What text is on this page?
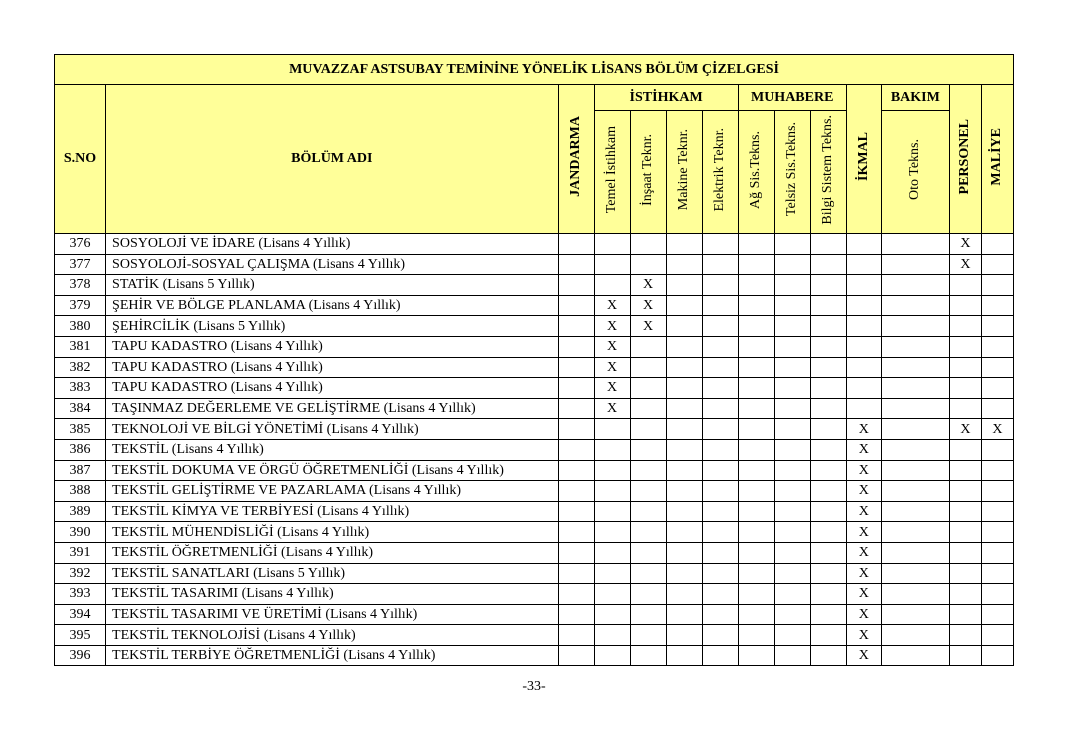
MUVAZZAF ASTSUBAY TEMİNİNE YÖNELİK LİSANS BÖLÜM ÇİZELGESİ													
S.NO	BÖLÜM ADI	JANDARMA	İSTİHKAM				MUHABERE			İKMAL	BAKIM	PERSONEL	MALİYE
			Temel İstihkam	İnşaat Teknr.	Makine Teknr.	Elektrik Teknr.	Ağ Sis.Tekns.	Telsiz Sis.Tekns.	Bilgi Sistem Tekns.		Oto Tekns.		
376	SOSYOLOJİ VE İDARE (Lisans 4 Yıllık)											X	
377	SOSYOLOJİ-SOSYAL ÇALIŞMA (Lisans 4 Yıllık)											X	
378	STATİK (Lisans 5 Yıllık)			X									
379	ŞEHİR VE BÖLGE PLANLAMA (Lisans 4 Yıllık)		X	X									
380	ŞEHİRCİLİK (Lisans 5 Yıllık)		X	X									
381	TAPU KADASTRO (Lisans 4 Yıllık)		X										
382	TAPU KADASTRO (Lisans 4 Yıllık)		X										
383	TAPU KADASTRO (Lisans 4 Yıllık)		X										
384	TAŞINMAZ DEĞERLEME VE GELİŞTİRME (Lisans 4 Yıllık)		X										
385	TEKNOLOJİ VE BİLGİ YÖNETİMİ (Lisans 4 Yıllık)									X		X	X
386	TEKSTİL (Lisans 4 Yıllık)									X			
387	TEKSTİL DOKUMA VE ÖRGÜ ÖĞRETMENLİĞİ (Lisans 4 Yıllık)									X			
388	TEKSTİL GELİŞTİRME VE PAZARLAMA (Lisans 4 Yıllık)									X			
389	TEKSTİL KİMYA VE TERBİYESİ (Lisans 4 Yıllık)									X			
390	TEKSTİL MÜHENDİSLİĞİ (Lisans 4 Yıllık)									X			
391	TEKSTİL ÖĞRETMENLİĞİ (Lisans 4 Yıllık)									X			
392	TEKSTİL SANATLARI (Lisans 5 Yıllık)									X			
393	TEKSTİL TASARIMI (Lisans 4 Yıllık)									X			
394	TEKSTİL TASARIMI VE ÜRETİMİ (Lisans 4 Yıllık)									X			
395	TEKSTİL TEKNOLOJİSİ (Lisans 4 Yıllık)									X			
396	TEKSTİL TERBİYE ÖĞRETMENLİĞİ (Lisans 4 Yıllık)									X			
-33-
